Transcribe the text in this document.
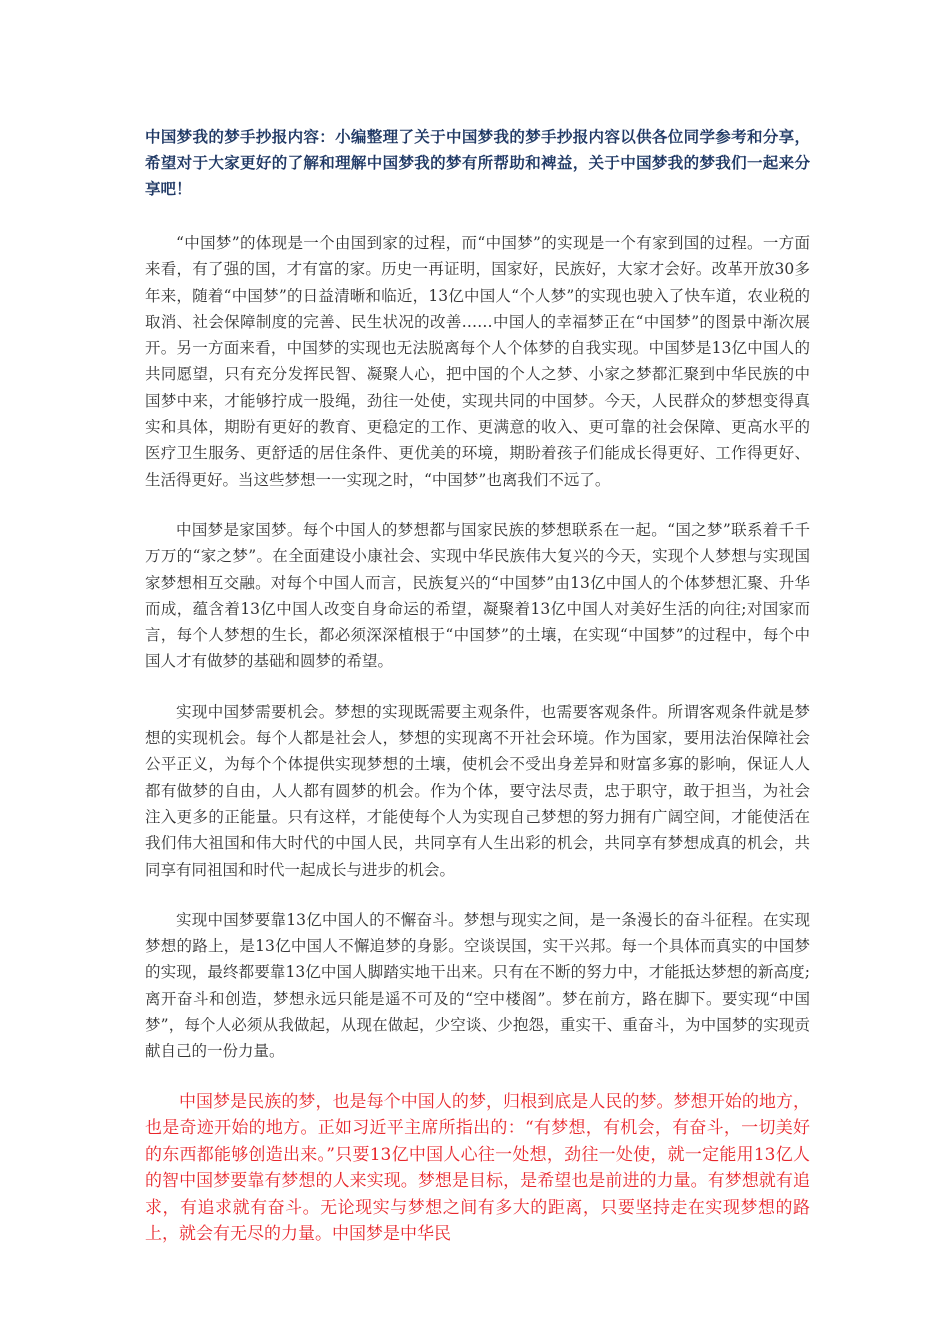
中国梦我的梦手抄报内容：小编整理了关于中国梦我的梦手抄报内容以供各位同学参考和分享，希望对于大家更好的了解和理解中国梦我的梦有所帮助和裨益，关于中国梦我的梦我们一起来分享吧！

“中国梦”的体现是一个由国到家的过程，而“中国梦”的实现是一个有家到国的过程。一方面来看，有了强的国，才有富的家。历史一再证明，国家好，民族好，大家才会好。改革开放30多年来，随着“中国梦”的日益清晰和临近，13亿中国人“个人梦”的实现也驶入了快车道，农业税的取消、社会保障制度的完善、民生状况的改善……中国人的幸福梦正在“中国梦”的图景中渐次展开。另一方面来看，中国梦的实现也无法脱离每个人个体梦的自我实现。中国梦是13亿中国人的共同愿望，只有充分发挥民智、凝聚人心，把中国的个人之梦、小家之梦都汇聚到中华民族的中国梦中来，才能够拧成一股绳，劲往一处使，实现共同的中国梦。今天，人民群众的梦想变得真实和具体，期盼有更好的教育、更稳定的工作、更满意的收入、更可靠的社会保障、更高水平的医疗卫生服务、更舒适的居住条件、更优美的环境，期盼着孩子们能成长得更好、工作得更好、生活得更好。当这些梦想一一实现之时，“中国梦”也离我们不远了。

中国梦是家国梦。每个中国人的梦想都与国家民族的梦想联系在一起。“国之梦”联系着千千万万的“家之梦”。在全面建设小康社会、实现中华民族伟大复兴的今天，实现个人梦想与实现国家梦想相互交融。对每个中国人而言，民族复兴的“中国梦”由13亿中国人的个体梦想汇聚、升华而成，蕴含着13亿中国人改变自身命运的希望，凝聚着13亿中国人对美好生活的向往;对国家而言，每个人梦想的生长，都必须深深植根于“中国梦”的土壤，在实现“中国梦”的过程中，每个中国人才有做梦的基础和圆梦的希望。

实现中国梦需要机会。梦想的实现既需要主观条件，也需要客观条件。所谓客观条件就是梦想的实现机会。每个人都是社会人，梦想的实现离不开社会环境。作为国家，要用法治保障社会公平正义，为每个个体提供实现梦想的土壤，使机会不受出身差异和财富多寡的影响，保证人人都有做梦的自由，人人都有圆梦的机会。作为个体，要守法尽责，忠于职守，敢于担当，为社会注入更多的正能量。只有这样，才能使每个人为实现自己梦想的努力拥有广阔空间，才能使活在我们伟大祖国和伟大时代的中国人民，共同享有人生出彩的机会，共同享有梦想成真的机会，共同享有同祖国和时代一起成长与进步的机会。

实现中国梦要靠13亿中国人的不懈奋斗。梦想与现实之间，是一条漫长的奋斗征程。在实现梦想的路上，是13亿中国人不懈追梦的身影。空谈误国，实干兴邦。每一个具体而真实的中国梦的实现，最终都要靠13亿中国人脚踏实地干出来。只有在不断的努力中，才能抵达梦想的新高度;离开奋斗和创造，梦想永远只能是遥不可及的“空中楼阁”。梦在前方，路在脚下。要实现“中国梦”，每个人必须从我做起，从现在做起，少空谈、少抱怨，重实干、重奋斗，为中国梦的实现贡献自己的一份力量。

中国梦是民族的梦，也是每个中国人的梦，归根到底是人民的梦。梦想开始的地方，也是奇迹开始的地方。正如习近平主席所指出的：“有梦想，有机会，有奋斗，一切美好的东西都能够创造出来。”只要13亿中国人心往一处想，劲往一处使，就一定能用13亿人的智中国梦要靠有梦想的人来实现。梦想是目标，是希望也是前进的力量。有梦想就有追求，有追求就有奋斗。无论现实与梦想之间有多大的距离，只要坚持走在实现梦想的路上，就会有无尽的力量。中国梦是中华民
